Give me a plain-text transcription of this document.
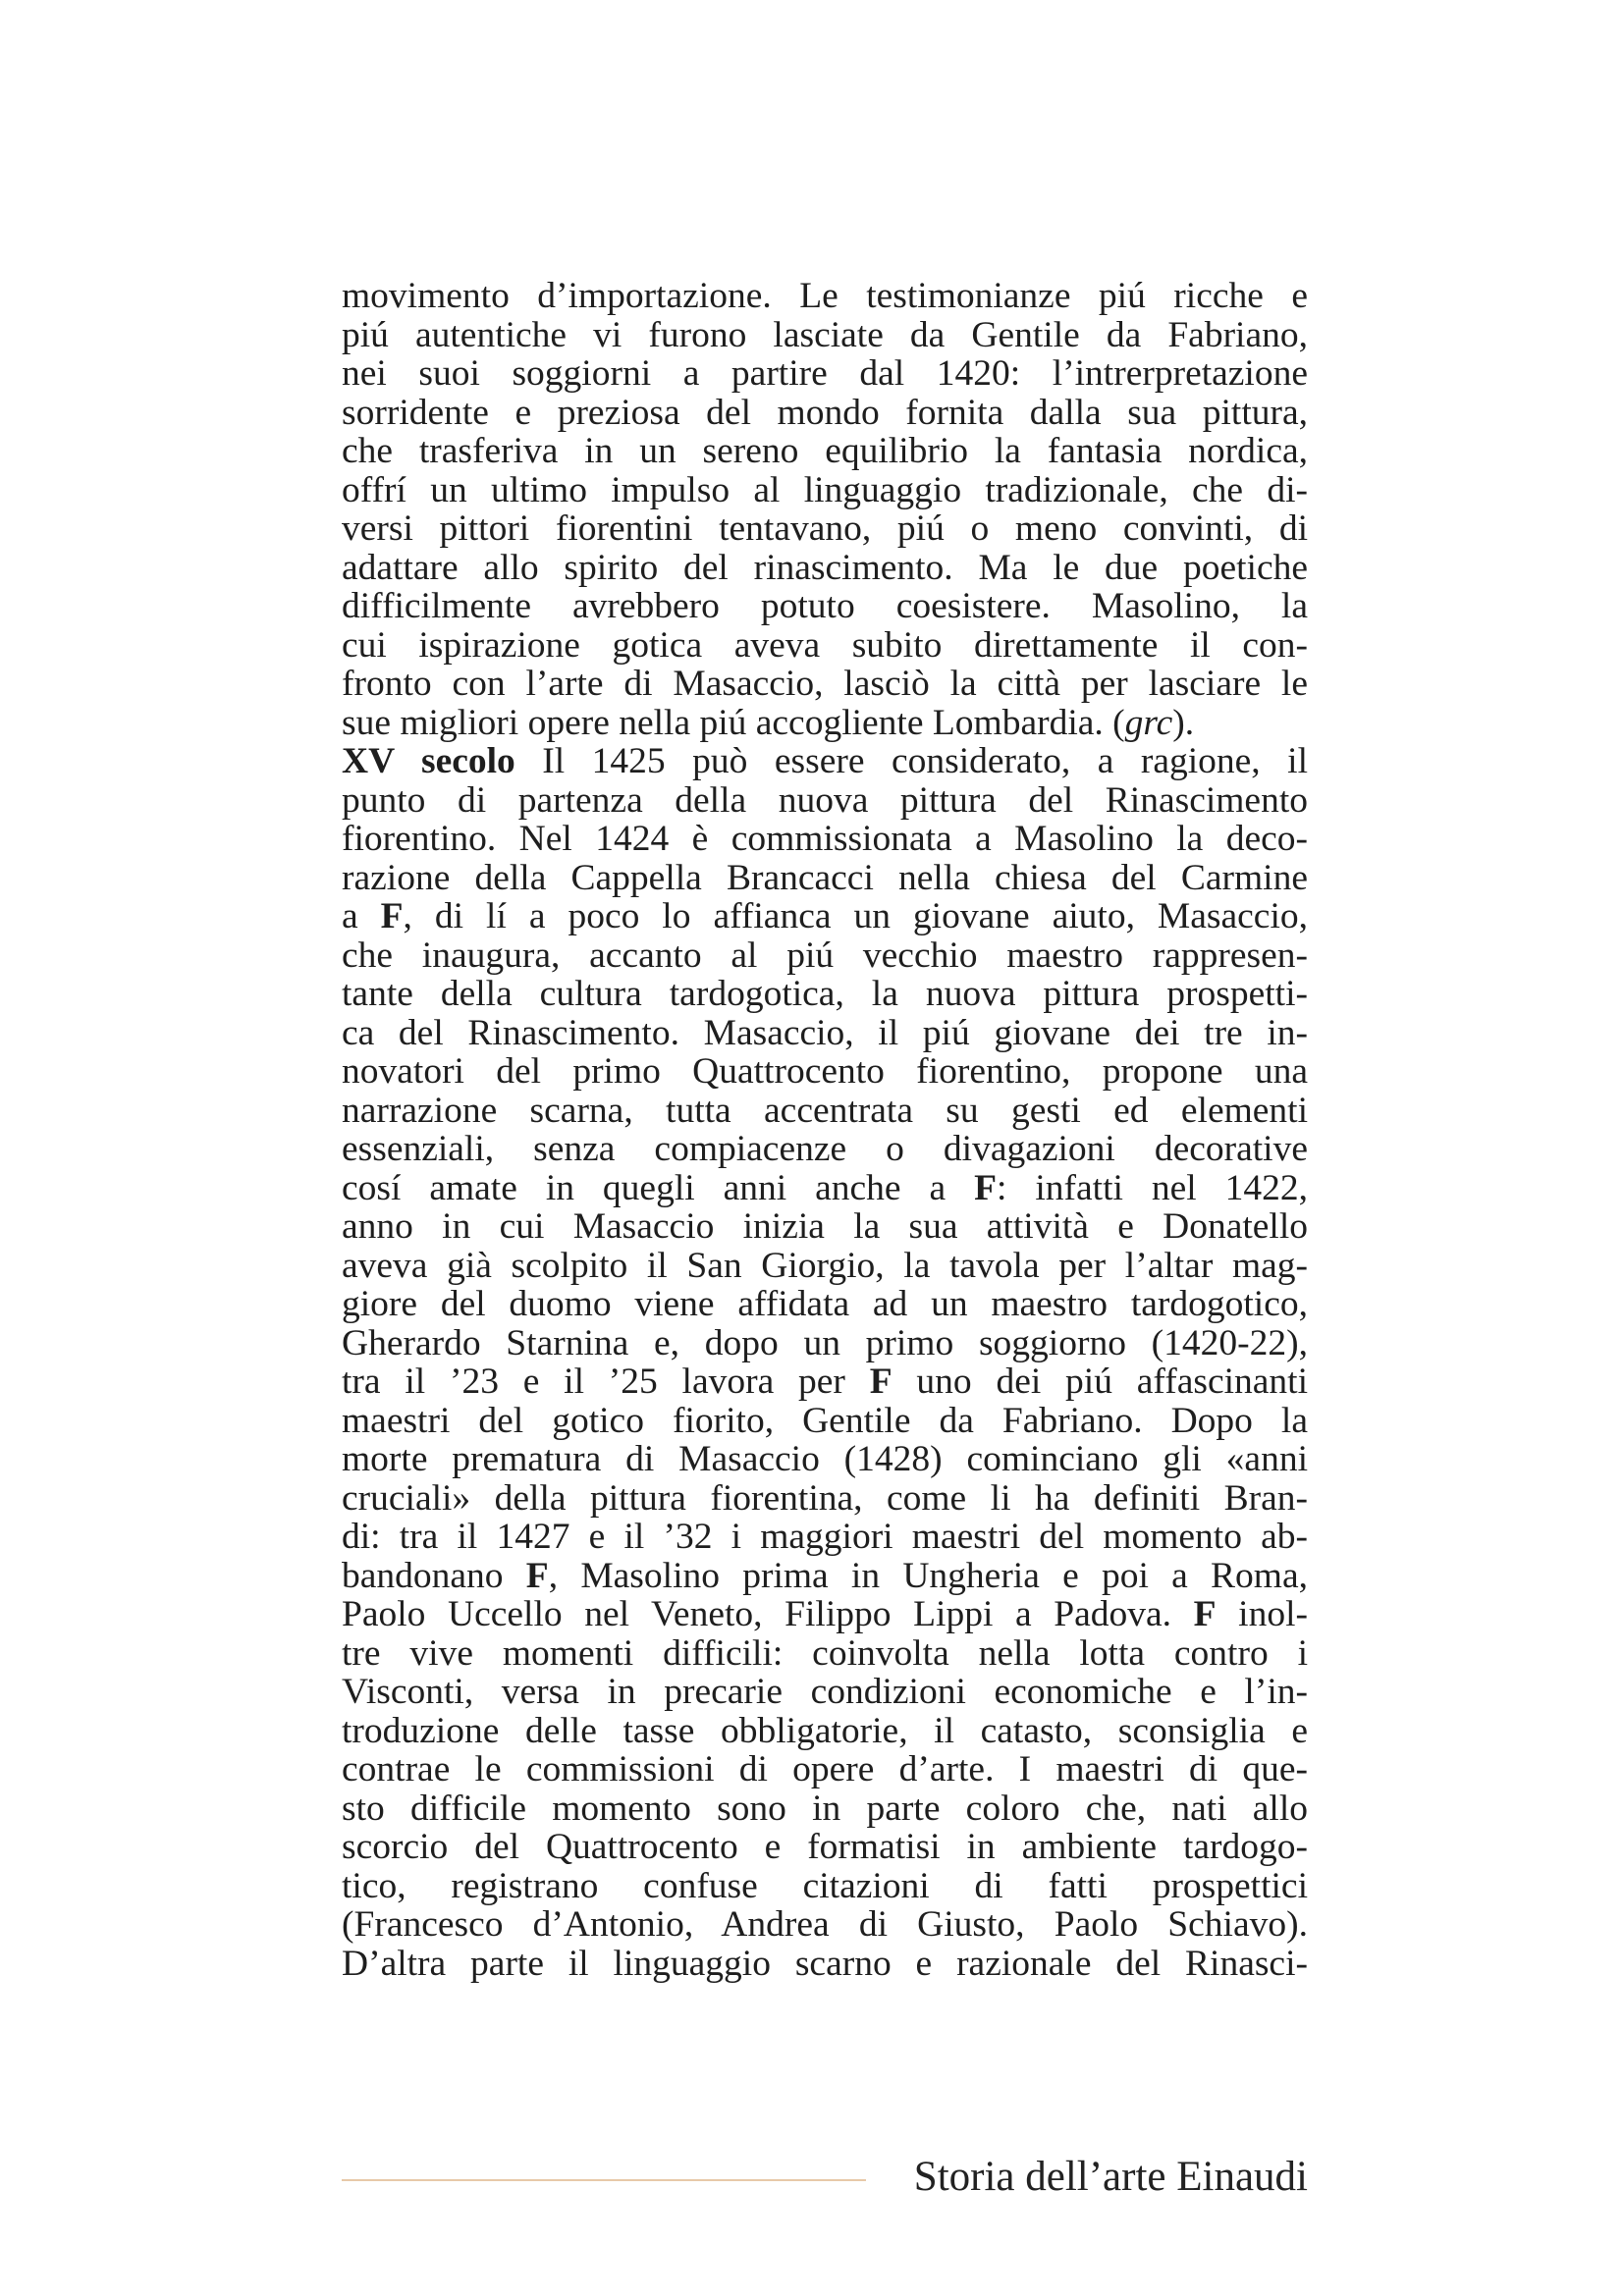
movimento d’importazione. Le testimonianze piú ricche e
piú autentiche vi furono lasciate da Gentile da Fabriano,
nei suoi soggiorni a partire dal 1420: l’intrerpretazione
sorridente e preziosa del mondo fornita dalla sua pittura,
che trasferiva in un sereno equilibrio la fantasia nordica,
offrí un ultimo impulso al linguaggio tradizionale, che di-
versi pittori fiorentini tentavano, piú o meno convinti, di
adattare allo spirito del rinascimento. Ma le due poetiche
difficilmente avrebbero potuto coesistere. Masolino, la
cui ispirazione gotica aveva subito direttamente il con-
fronto con l’arte di Masaccio, lasciò la città per lasciare le
sue migliori opere nella piú accogliente Lombardia. (grc).
XV secolo Il 1425 può essere considerato, a ragione, il
punto di partenza della nuova pittura del Rinascimento
fiorentino. Nel 1424 è commissionata a Masolino la deco-
razione della Cappella Brancacci nella chiesa del Carmine
a F, di lí a poco lo affianca un giovane aiuto, Masaccio,
che inaugura, accanto al piú vecchio maestro rappresen-
tante della cultura tardogotica, la nuova pittura prospetti-
ca del Rinascimento. Masaccio, il piú giovane dei tre in-
novatori del primo Quattrocento fiorentino, propone una
narrazione scarna, tutta accentrata su gesti ed elementi
essenziali, senza compiacenze o divagazioni decorative
cosí amate in quegli anni anche a F: infatti nel 1422,
anno in cui Masaccio inizia la sua attività e Donatello
aveva già scolpito il San Giorgio, la tavola per l’altar mag-
giore del duomo viene affidata ad un maestro tardogotico,
Gherardo Starnina e, dopo un primo soggiorno (1420-22),
tra il ’23 e il ’25 lavora per F uno dei piú affascinanti
maestri del gotico fiorito, Gentile da Fabriano. Dopo la
morte prematura di Masaccio (1428) cominciano gli «anni
cruciali» della pittura fiorentina, come li ha definiti Bran-
di: tra il 1427 e il ’32 i maggiori maestri del momento ab-
bandonano F, Masolino prima in Ungheria e poi a Roma,
Paolo Uccello nel Veneto, Filippo Lippi a Padova. F inol-
tre vive momenti difficili: coinvolta nella lotta contro i
Visconti, versa in precarie condizioni economiche e l’in-
troduzione delle tasse obbligatorie, il catasto, sconsiglia e
contrae le commissioni di opere d’arte. I maestri di que-
sto difficile momento sono in parte coloro che, nati allo
scorcio del Quattrocento e formatisi in ambiente tardogo-
tico, registrano confuse citazioni di fatti prospettici
(Francesco d’Antonio, Andrea di Giusto, Paolo Schiavo).
D’altra parte il linguaggio scarno e razionale del Rinasci-
Storia dell’arte Einaudi
